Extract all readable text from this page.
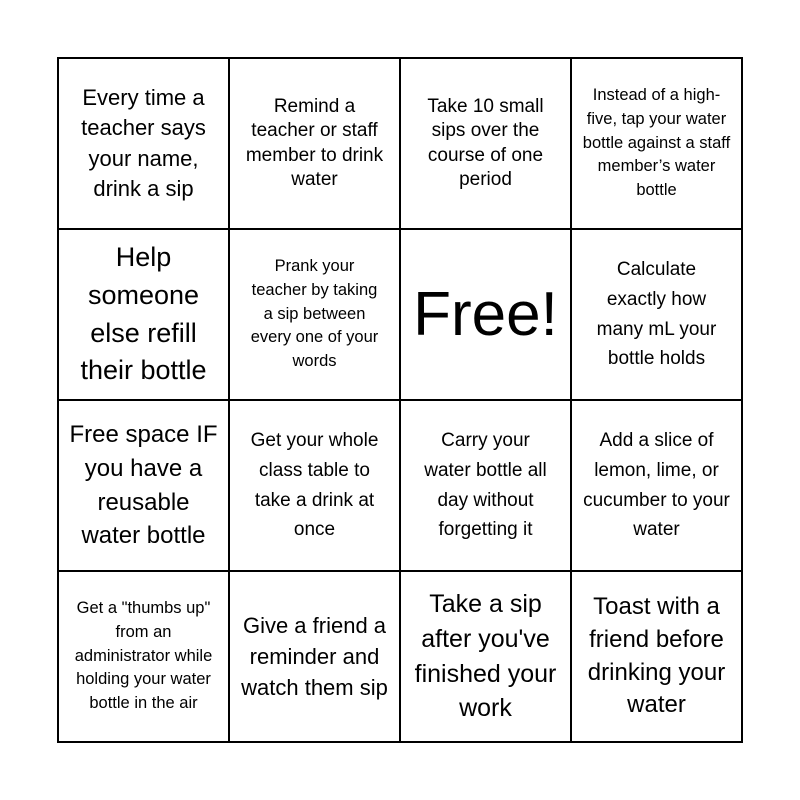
Every time a teacher says your name, drink a sip
Remind a teacher or staff member to drink water
Take 10 small sips over the course of one period
Instead of a high-five, tap your water bottle against a staff member’s water bottle
Help someone else refill their bottle
Prank your teacher by taking a sip between every one of your words
Free!
Calculate exactly how many mL your bottle holds
Free space IF you have a reusable water bottle
Get your whole class table to take a drink at once
Carry your water bottle all day without forgetting it
Add a slice of lemon, lime, or cucumber to your water
Get a "thumbs up" from an administrator while holding your water bottle in the air
Give a friend a reminder and watch them sip
Take a sip after you've finished your work
Toast with a friend before drinking your water
